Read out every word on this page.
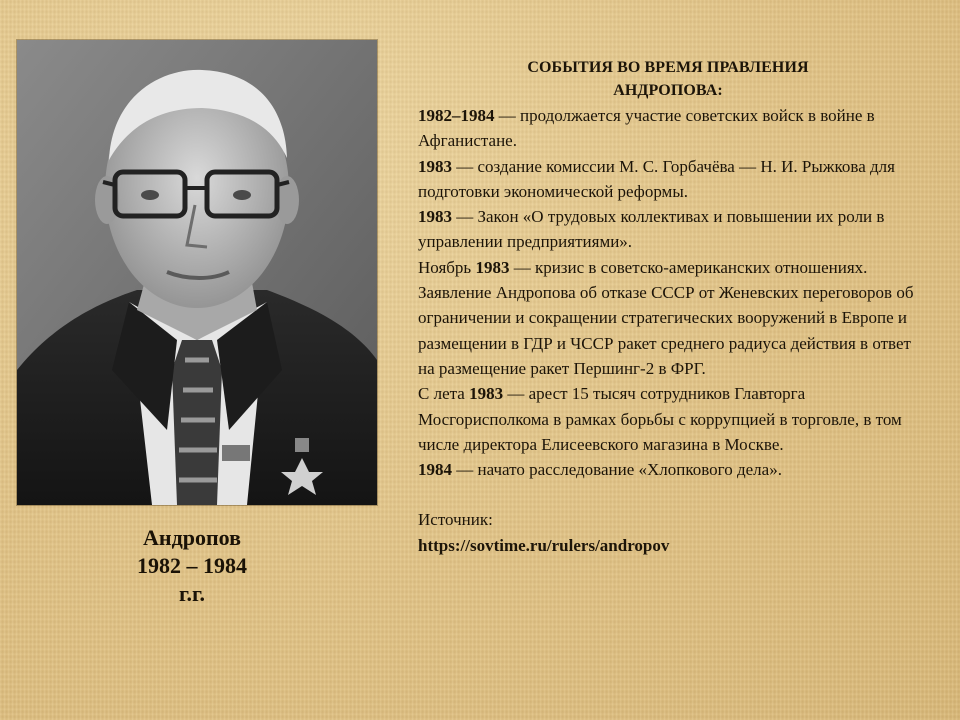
Андропов
1982 – 1984
г.г.
СОБЫТИЯ ВО ВРЕМЯ ПРАВЛЕНИЯ
АНДРОПОВА:

1982–1984 — продолжается участие советских войск в войне в Афганистане.

1983 — создание комиссии М. С. Горбачёва — Н. И. Рыжкова для подготовки экономической реформы.

1983 — Закон «О трудовых коллективах и повышении их роли в управлении предприятиями».

Ноябрь 1983 — кризис в советско-американских отношениях. Заявление Андропова об отказе СССР от Женевских переговоров об ограничении и сокращении стратегических вооружений в Европе и размещении в ГДР и ЧССР ракет среднего радиуса действия в ответ на размещение ракет Першинг-2 в ФРГ.

С лета 1983 — арест 15 тысяч сотрудников Главторга Мосгорисполкома в рамках борьбы с коррупцией в торговле, в том числе директора Елисеевского магазина в Москве.

1984 — начато расследование «Хлопкового дела».

Источник:

https://sovtime.ru/rulers/andropov
